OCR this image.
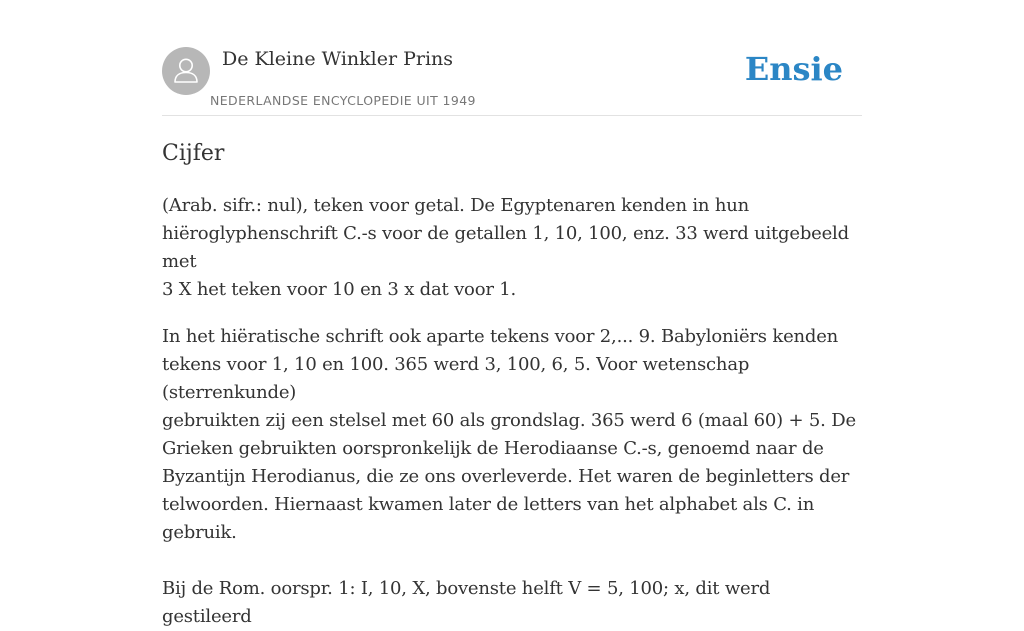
De Kleine Winkler Prins
NEDERLANDSE ENCYCLOPEDIE UIT 1949
Ensie
Cijfer

(Arab. sifr.: nul), teken voor getal. De Egyptenaren kenden in hun
hiëroglyphenschrift C.-s voor de getallen 1, 10, 100, enz. 33 werd uitgebeeld met
3 X het teken voor 10 en 3 x dat voor 1.

In het hiëratische schrift ook aparte tekens voor 2,... 9. Babyloniërs kenden
tekens voor 1, 10 en 100. 365 werd 3, 100, 6, 5. Voor wetenschap (sterrenkunde)
gebruikten zij een stelsel met 60 als grondslag. 365 werd 6 (maal 60) + 5. De
Grieken gebruikten oorspronkelijk de Herodiaanse C.-s, genoemd naar de
Byzantijn Herodianus, die ze ons overleverde. Het waren de beginletters der
telwoorden. Hiernaast kwamen later de letters van het alphabet als C. in gebruik.

Bij de Rom. oorspr. 1: I, 10, X, bovenste helft V = 5, 100; x, dit werd gestileerd
